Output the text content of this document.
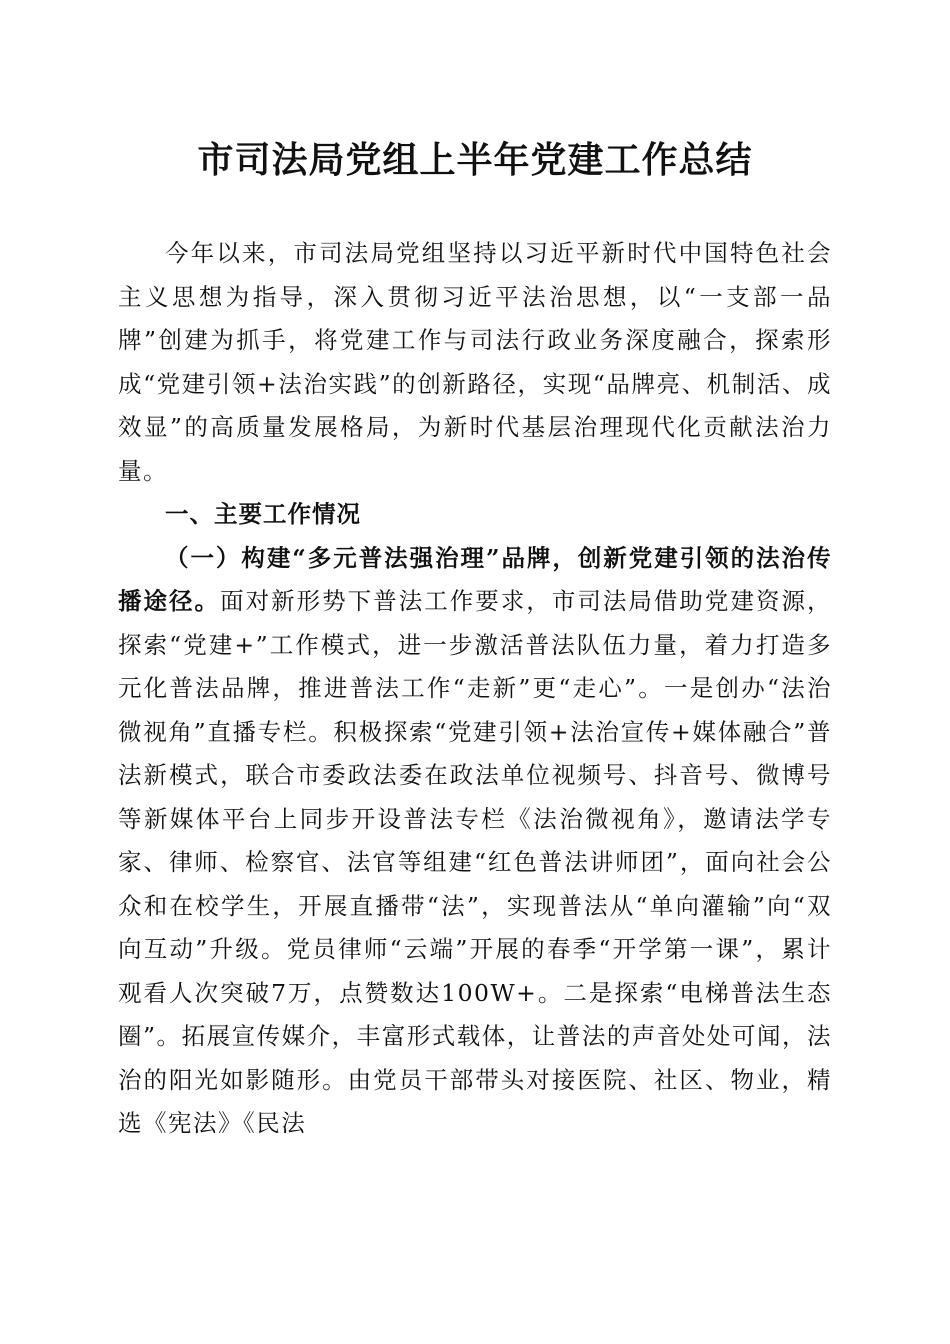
市司法局党组上半年党建工作总结

今年以来，市司法局党组坚持以习近平新时代中国特色社会主义思想为指导，深入贯彻习近平法治思想，以“一支部一品牌”创建为抓手，将党建工作与司法行政业务深度融合，探索形成“党建引领+法治实践”的创新路径，实现“品牌亮、机制活、成效显”的高质量发展格局，为新时代基层治理现代化贡献法治力量。

一、主要工作情况

（一）构建“多元普法强治理”品牌，创新党建引领的法治传播途径。面对新形势下普法工作要求，市司法局借助党建资源，探索“党建+”工作模式，进一步激活普法队伍力量，着力打造多元化普法品牌，推进普法工作“走新”更“走心”。一是创办“法治微视角”直播专栏。积极探索“党建引领+法治宣传+媒体融合”普法新模式，联合市委政法委在政法单位视频号、抖音号、微博号等新媒体平台上同步开设普法专栏《法治微视角》，邀请法学专家、律师、检察官、法官等组建“红色普法讲师团”，面向社会公众和在校学生，开展直播带“法”，实现普法从“单向灌输”向“双向互动”升级。党员律师“云端”开展的春季“开学第一课”，累计观看人次突破7万，点赞数达100W+。二是探索“电梯普法生态圈”。拓展宣传媒介，丰富形式载体，让普法的声音处处可闻，法治的阳光如影随形。由党员干部带头对接医院、社区、物业，精选《宪法》《民法
